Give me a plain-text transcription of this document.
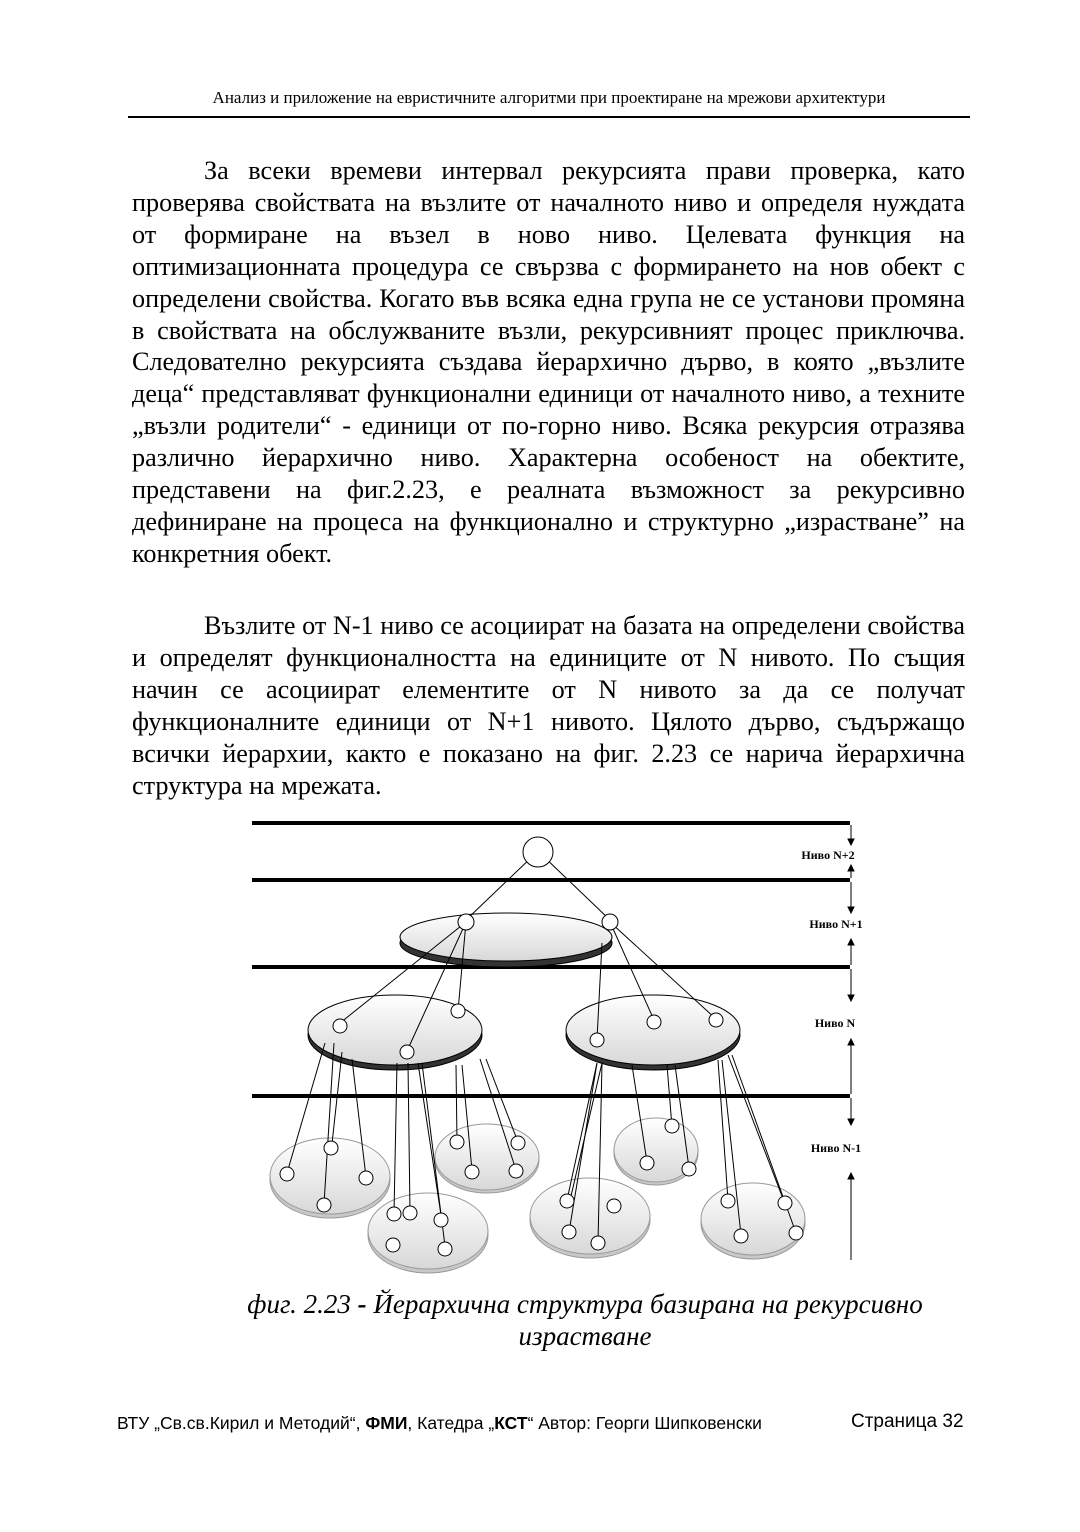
Анализ и приложение на евристичните алгоритми при проектиране на мрежови архитектури

За всеки времеви интервал рекурсията прави проверка, като проверява свойствата на възлите от началното ниво и определя нуждата от формиране на възел в ново ниво. Целевата функция на оптимизационната процедура се свързва с формирането на нов обект с определени свойства. Когато във всяка една група не се установи промяна в свойствата на обслужваните възли, рекурсивният процес приключва. Следователно рекурсията създава йерархично дърво, в която „възлите деца“ представляват функционални единици от началното ниво, а техните „възли родители“ - единици от по-горно ниво. Всяка рекурсия отразява различно йерархично ниво. Характерна особеност на обектите, представени на фиг.2.23, е реалната възможност за рекурсивно дефиниране на процеса на функционално и структурно „израстване” на конкретния обект.

Възлите от N-1 ниво се асоциират на базата на определени свойства и определят функционалността на единиците от N нивото. По същия начин се асоциират елементите от N нивото за да се получат функционалните единици от N+1 нивото. Цялото дърво, съдържащо всички йерархии, както е показано на фиг. 2.23 се нарича йерархична структура на мрежата.

Ниво N+2
Ниво N+1
Ниво N
Ниво N-1
фиг. 2.23 - Йерархична структура базирана на рекурсивно израстване
ВТУ „Св.св.Кирил и Методий“, ФМИ, Катедра „КСТ“ Автор: Георги Шипковенски	Страница 32
